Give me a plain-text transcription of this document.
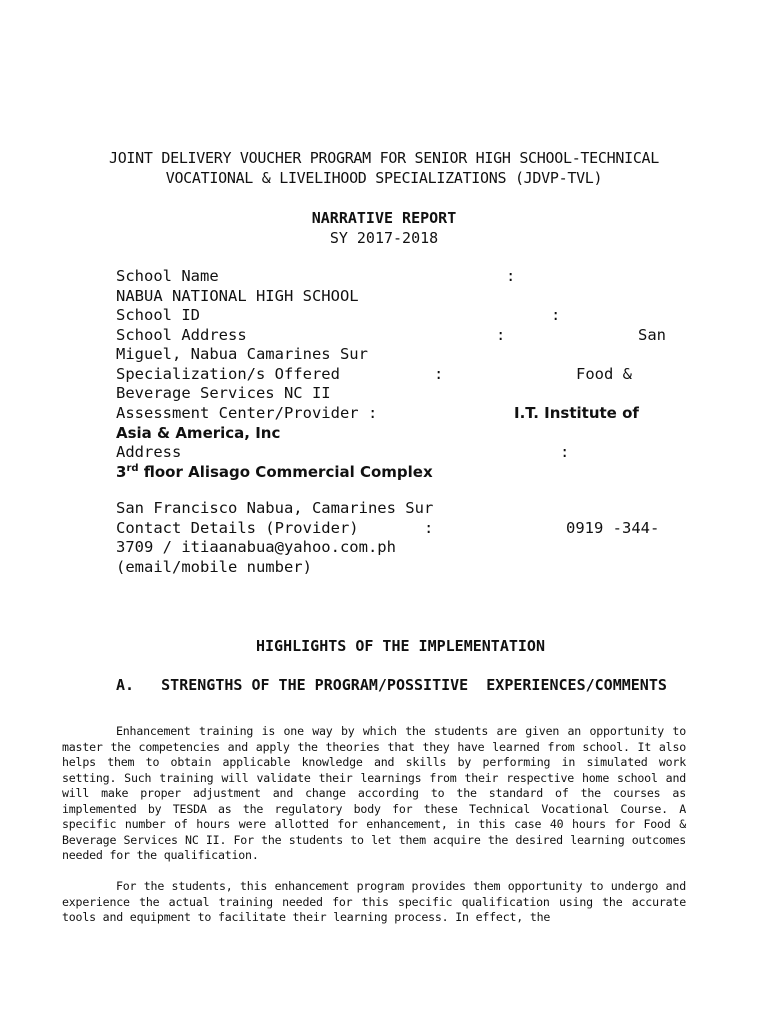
JOINT DELIVERY VOUCHER PROGRAM FOR SENIOR HIGH SCHOOL-TECHNICAL
VOCATIONAL & LIVELIHOOD SPECIALIZATIONS (JDVP-TVL)
NARRATIVE REPORT
SY 2017-2018
School Name	:
NABUA NATIONAL HIGH SCHOOL
School ID	:
School Address	:	San
Miguel, Nabua Camarines Sur
Specialization/s Offered	:	Food &
Beverage Services NC II
Assessment Center/Provider :	I.T. Institute of
Asia & America, Inc
Address	:
3rd floor Alisago Commercial Complex
San Francisco Nabua, Camarines Sur
Contact Details (Provider)	:	0919 -344-
3709 / itiaanabua@yahoo.com.ph
(email/mobile number)
HIGHLIGHTS OF THE IMPLEMENTATION
A.   STRENGTHS OF THE PROGRAM/POSSITIVE  EXPERIENCES/COMMENTS

Enhancement training is one way by which the students are given an opportunity to master the competencies and apply the theories that they have learned from school. It also helps them to obtain applicable knowledge and skills by performing in simulated work setting. Such training will validate their learnings from their respective home school and will make proper adjustment and change according to the standard of the courses as implemented by TESDA as the regulatory body for these Technical Vocational Course. A specific number of hours were allotted for enhancement, in this case 40 hours for Food & Beverage Services NC II. For the students to let them acquire the desired learning outcomes needed for the qualification.

For the students, this enhancement program provides them opportunity to undergo and experience the actual training needed for this specific qualification using the accurate tools and equipment to facilitate their learning process. In effect, the
